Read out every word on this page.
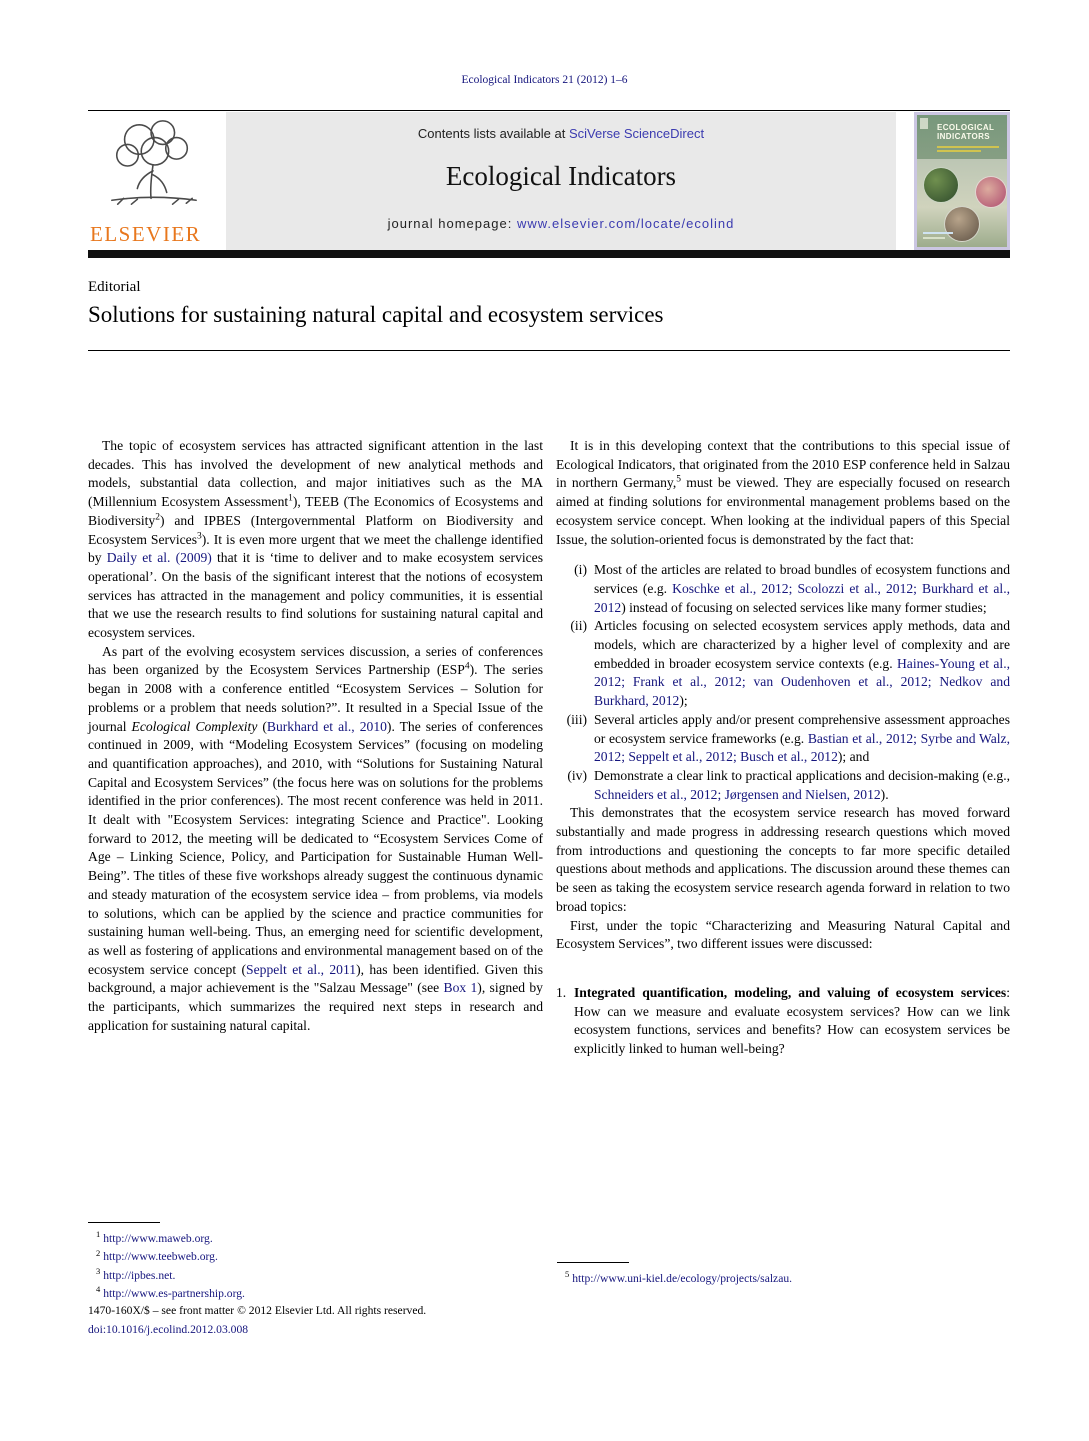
Ecological Indicators 21 (2012) 1–6
ELSEVIER

Contents lists available at SciVerse ScienceDirect

Ecological Indicators

journal homepage: www.elsevier.com/locate/ecolind

ECOLOGICAL INDICATORS
Editorial
Solutions for sustaining natural capital and ecosystem services

The topic of ecosystem services has attracted significant attention in the last decades. This has involved the development of new analytical methods and models, substantial data collection, and major initiatives such as the MA (Millennium Ecosystem Assessment$^1$), TEEB (The Economics of Ecosystems and Biodiversity$^2$) and IPBES (Intergovernmental Platform on Biodiversity and Ecosystem Services$^3$). It is even more urgent that we meet the challenge identified by Daily et al. (2009) that it is ‘time to deliver and to make ecosystem services operational’. On the basis of the significant interest that the notions of ecosystem services has attracted in the management and policy communities, it is essential that we use the research results to find solutions for sustaining natural capital and ecosystem services.

As part of the evolving ecosystem services discussion, a series of conferences has been organized by the Ecosystem Services Partnership (ESP$^4$). The series began in 2008 with a conference entitled “Ecosystem Services – Solution for problems or a problem that needs solution?”. It resulted in a Special Issue of the journal Ecological Complexity (Burkhard et al., 2010). The series of conferences continued in 2009, with “Modeling Ecosystem Services” (focusing on modeling and quantification approaches), and 2010, with “Solutions for Sustaining Natural Capital and Ecosystem Services” (the focus here was on solutions for the problems identified in the prior conferences). The most recent conference was held in 2011. It dealt with "Ecosystem Services: integrating Science and Practice". Looking forward to 2012, the meeting will be dedicated to “Ecosystem Services Come of Age – Linking Science, Policy, and Participation for Sustainable Human Well-Being”. The titles of these five workshops already suggest the continuous dynamic and steady maturation of the ecosystem service idea – from problems, via models to solutions, which can be applied by the science and practice communities for sustaining human well-being. Thus, an emerging need for scientific development, as well as fostering of applications and environmental management based on of the ecosystem service concept (Seppelt et al., 2011), has been identified. Given this background, a major achievement is the "Salzau Message" (see Box 1), signed by the participants, which summarizes the required next steps in research and application for sustaining natural capital.

It is in this developing context that the contributions to this special issue of Ecological Indicators, that originated from the 2010 ESP conference held in Salzau in northern Germany,$^5$ must be viewed. They are especially focused on research aimed at finding solutions for environmental management problems based on the ecosystem service concept. When looking at the individual papers of this Special Issue, the solution-oriented focus is demonstrated by the fact that:

(i) Most of the articles are related to broad bundles of ecosystem functions and services (e.g. Koschke et al., 2012; Scolozzi et al., 2012; Burkhard et al., 2012) instead of focusing on selected services like many former studies;
(ii) Articles focusing on selected ecosystem services apply methods, data and models, which are characterized by a higher level of complexity and are embedded in broader ecosystem service contexts (e.g. Haines-Young et al., 2012; Frank et al., 2012; van Oudenhoven et al., 2012; Nedkov and Burkhard, 2012);
(iii) Several articles apply and/or present comprehensive assessment approaches or ecosystem service frameworks (e.g. Bastian et al., 2012; Syrbe and Walz, 2012; Seppelt et al., 2012; Busch et al., 2012); and
(iv) Demonstrate a clear link to practical applications and decision-making (e.g., Schneiders et al., 2012; Jørgensen and Nielsen, 2012).

This demonstrates that the ecosystem service research has moved forward substantially and made progress in addressing research questions which moved from introductions and questioning the concepts to far more specific detailed questions about methods and applications. The discussion around these themes can be seen as taking the ecosystem service research agenda forward in relation to two broad topics:

First, under the topic “Characterizing and Measuring Natural Capital and Ecosystem Services”, two different issues were discussed:

1. Integrated quantification, modeling, and valuing of ecosystem services: How can we measure and evaluate ecosystem services? How can we link ecosystem functions, services and benefits? How can ecosystem services be explicitly linked to human well-being?
$^1$ http://www.maweb.org.
$^2$ http://www.teebweb.org.
$^3$ http://ipbes.net.
$^4$ http://www.es-partnership.org.
$^5$ http://www.uni-kiel.de/ecology/projects/salzau.
1470-160X/$ – see front matter © 2012 Elsevier Ltd. All rights reserved.
doi:10.1016/j.ecolind.2012.03.008
